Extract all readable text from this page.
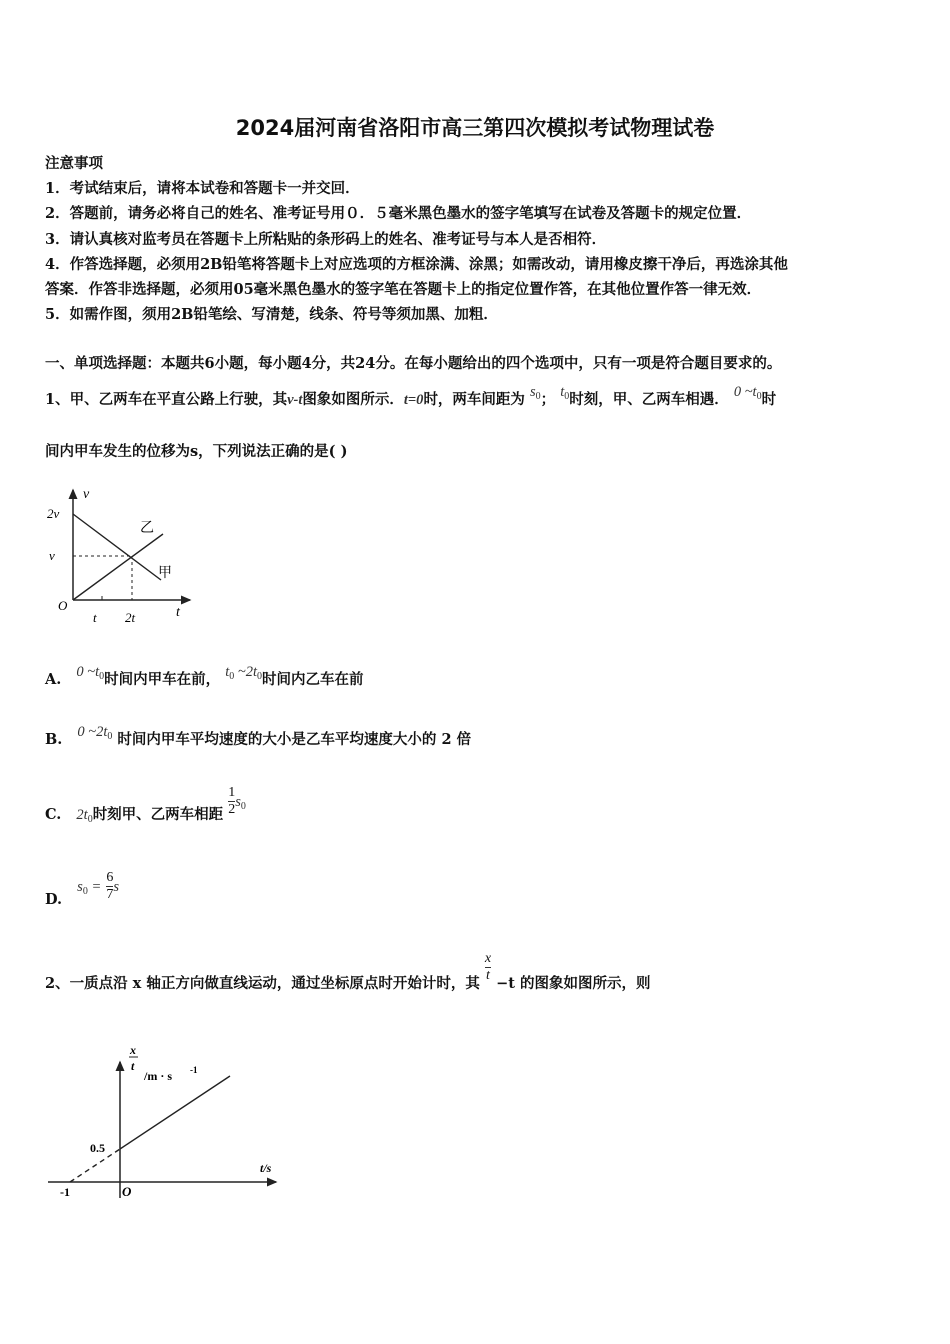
2024届河南省洛阳市高三第四次模拟考试物理试卷
注意事项
1．考试结束后，请将本试卷和答题卡一并交回．
2．答题前，请务必将自己的姓名、准考证号用０．５毫米黑色墨水的签字笔填写在试卷及答题卡的规定位置．
3．请认真核对监考员在答题卡上所粘贴的条形码上的姓名、准考证号与本人是否相符．
4．作答选择题，必须用2B铅笔将答题卡上对应选项的方框涂满、涂黑；如需改动，请用橡皮擦干净后，再选涂其他
答案．作答非选择题，必须用05毫米黑色墨水的签字笔在答题卡上的指定位置作答，在其他位置作答一律无效．
5．如需作图，须用2B铅笔绘、写清楚，线条、符号等须加黑、加粗．
一、单项选择题：本题共6小题，每小题4分，共24分。在每小题给出的四个选项中，只有一项是符合题目要求的。
1、甲、乙两车在平直公路上行驶，其v-t图象如图所示．t=0时，两车间距为 $s_0$； $t_0$时刻，甲、乙两车相遇． 0 $\sim t_0$时
间内甲车发生的位移为s，下列说法正确的是( )
v
2v
v
O
t 2t	t
乙
甲
A. 0 $\sim t_0$时间内甲车在前， $t_0$ $\sim 2t_0$时间内乙车在前
B. 0 $\sim 2t_0$ 时间内甲车平均速度的大小是乙车平均速度大小的 2 倍
C. $2t_0$时刻甲、乙两车相距 $\frac{1}{2} s_0$
D. $s_0 = \frac{6}{7}$ s
2、一质点沿 x 轴正方向做直线运动，通过坐标原点时开始计时，其 $\frac{x}{t} -t$ 的图象如图所示，则
x
t
/m · s -1
0.5
t/s
-1	O
